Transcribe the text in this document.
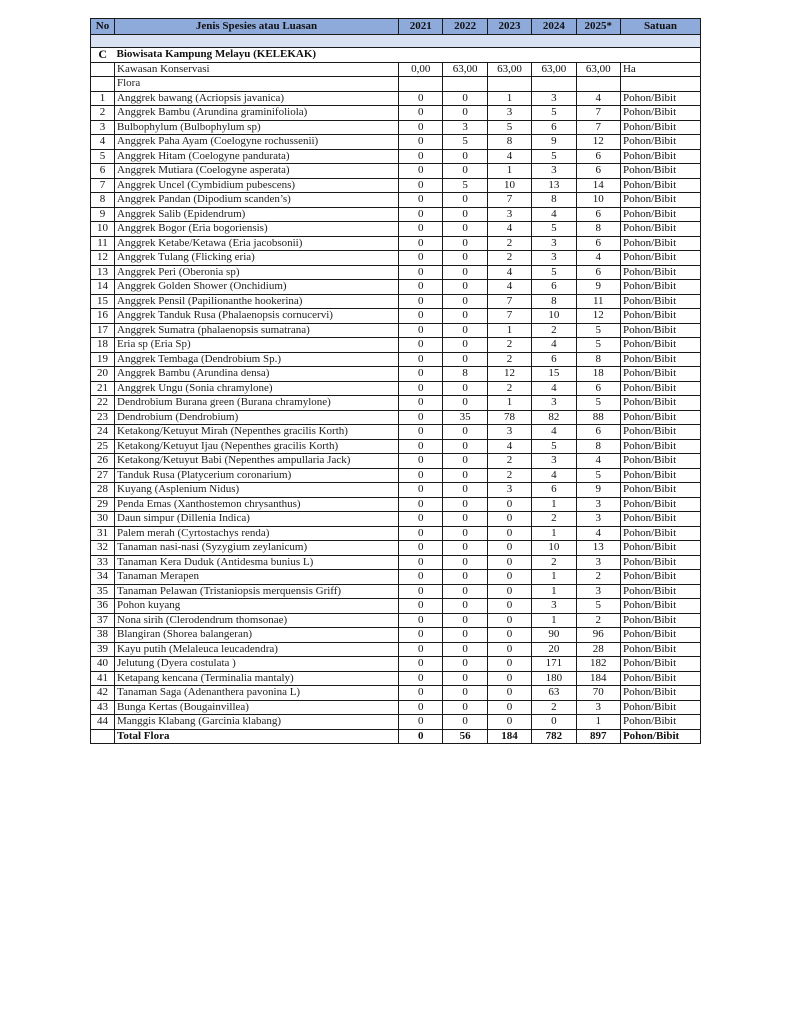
No	Jenis Spesies atau Luasan	2021	2022	2023	2024	2025*	Satuan

C	Biowisata Kampung Melayu (KELEKAK)						
	Kawasan Konservasi	0,00	63,00	63,00	63,00	63,00	Ha
	Flora						
1	Anggrek bawang (Acriopsis javanica)	0	0	1	3	4	Pohon/Bibit
2	Anggrek Bambu (Arundina graminifoliola)	0	0	3	5	7	Pohon/Bibit
3	Bulbophylum (Bulbophylum sp)	0	3	5	6	7	Pohon/Bibit
4	Anggrek Paha Ayam (Coelogyne rochussenii)	0	5	8	9	12	Pohon/Bibit
5	Anggrek Hitam (Coelogyne pandurata)	0	0	4	5	6	Pohon/Bibit
6	Anggrek Mutiara (Coelogyne asperata)	0	0	1	3	6	Pohon/Bibit
7	Anggrek Uncel (Cymbidium pubescens)	0	5	10	13	14	Pohon/Bibit
8	Anggrek Pandan (Dipodium scanden’s)	0	0	7	8	10	Pohon/Bibit
9	Anggrek Salib (Epidendrum)	0	0	3	4	6	Pohon/Bibit
10	Anggrek Bogor (Eria bogoriensis)	0	0	4	5	8	Pohon/Bibit
11	Anggrek Ketabe/Ketawa (Eria jacobsonii)	0	0	2	3	6	Pohon/Bibit
12	Anggrek Tulang (Flicking eria)	0	0	2	3	4	Pohon/Bibit
13	Anggrek Peri (Oberonia sp)	0	0	4	5	6	Pohon/Bibit
14	Anggrek Golden Shower (Onchidium)	0	0	4	6	9	Pohon/Bibit
15	Anggrek Pensil (Papilionanthe hookerina)	0	0	7	8	11	Pohon/Bibit
16	Anggrek Tanduk Rusa (Phalaenopsis cornucervi)	0	0	7	10	12	Pohon/Bibit
17	Anggrek Sumatra (phalaenopsis sumatrana)	0	0	1	2	5	Pohon/Bibit
18	Eria sp (Eria Sp)	0	0	2	4	5	Pohon/Bibit
19	Anggrek Tembaga (Dendrobium Sp.)	0	0	2	6	8	Pohon/Bibit
20	Anggrek Bambu (Arundina densa)	0	8	12	15	18	Pohon/Bibit
21	Anggrek Ungu (Sonia chramylone)	0	0	2	4	6	Pohon/Bibit
22	Dendrobium Burana green (Burana chramylone)	0	0	1	3	5	Pohon/Bibit
23	Dendrobium (Dendrobium)	0	35	78	82	88	Pohon/Bibit
24	Ketakong/Ketuyut Mirah (Nepenthes gracilis Korth)	0	0	3	4	6	Pohon/Bibit
25	Ketakong/Ketuyut Ijau (Nepenthes gracilis Korth)	0	0	4	5	8	Pohon/Bibit
26	Ketakong/Ketuyut Babi (Nepenthes ampullaria Jack)	0	0	2	3	4	Pohon/Bibit
27	Tanduk Rusa (Platycerium coronarium)	0	0	2	4	5	Pohon/Bibit
28	Kuyang (Asplenium Nidus)	0	0	3	6	9	Pohon/Bibit
29	Penda Emas (Xanthostemon chrysanthus)	0	0	0	1	3	Pohon/Bibit
30	Daun simpur (Dillenia Indica)	0	0	0	2	3	Pohon/Bibit
31	Palem merah (Cyrtostachys renda)	0	0	0	1	4	Pohon/Bibit
32	Tanaman nasi-nasi (Syzygium zeylanicum)	0	0	0	10	13	Pohon/Bibit
33	Tanaman Kera Duduk (Antidesma bunius L)	0	0	0	2	3	Pohon/Bibit
34	Tanaman Merapen	0	0	0	1	2	Pohon/Bibit
35	Tanaman Pelawan (Tristaniopsis merquensis Griff)	0	0	0	1	3	Pohon/Bibit
36	Pohon kuyang	0	0	0	3	5	Pohon/Bibit
37	Nona sirih (Clerodendrum thomsonae)	0	0	0	1	2	Pohon/Bibit
38	Blangiran (Shorea balangeran)	0	0	0	90	96	Pohon/Bibit
39	Kayu putih (Melaleuca leucadendra)	0	0	0	20	28	Pohon/Bibit
40	Jelutung (Dyera costulata )	0	0	0	171	182	Pohon/Bibit
41	Ketapang kencana (Terminalia mantaly)	0	0	0	180	184	Pohon/Bibit
42	Tanaman Saga (Adenanthera pavonina L)	0	0	0	63	70	Pohon/Bibit
43	Bunga Kertas (Bougainvillea)	0	0	0	2	3	Pohon/Bibit
44	Manggis Klabang (Garcinia klabang)	0	0	0	0	1	Pohon/Bibit
	Total Flora	0	56	184	782	897	Pohon/Bibit
